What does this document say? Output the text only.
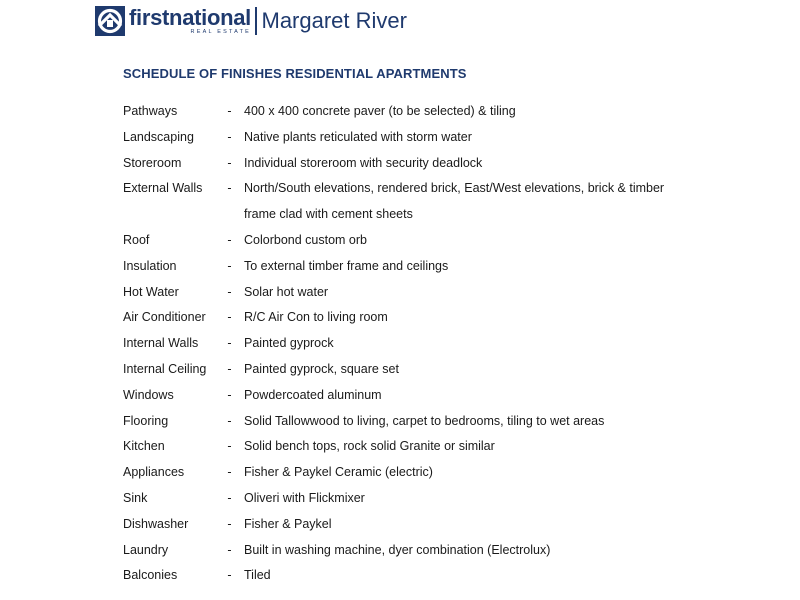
firstnational
REAL ESTATE Margaret River
SCHEDULE OF FINISHES RESIDENTIAL APARTMENTS
Pathways	- 400 x 400 concrete paver (to be selected) & tiling
Landscaping	- Native plants reticulated with storm water
Storeroom	- Individual storeroom with security deadlock
External Walls	- North/South elevations, rendered brick, East/West elevations, brick & timber
frame clad with cement sheets
Roof	- Colorbond custom orb
Insulation	- To external timber frame and ceilings
Hot Water	- Solar hot water
Air Conditioner	- R/C Air Con to living room
Internal Walls	- Painted gyprock
Internal Ceiling	- Painted gyprock, square set
Windows	- Powdercoated aluminum
Flooring	- Solid Tallowwood to living, carpet to bedrooms, tiling to wet areas
Kitchen	- Solid bench tops, rock solid Granite or similar
Appliances	- Fisher & Paykel Ceramic (electric)
Sink	- Oliveri with Flickmixer
Dishwasher	- Fisher & Paykel
Laundry	- Built in washing machine, dyer combination (Electrolux)
Balconies	- Tiled
